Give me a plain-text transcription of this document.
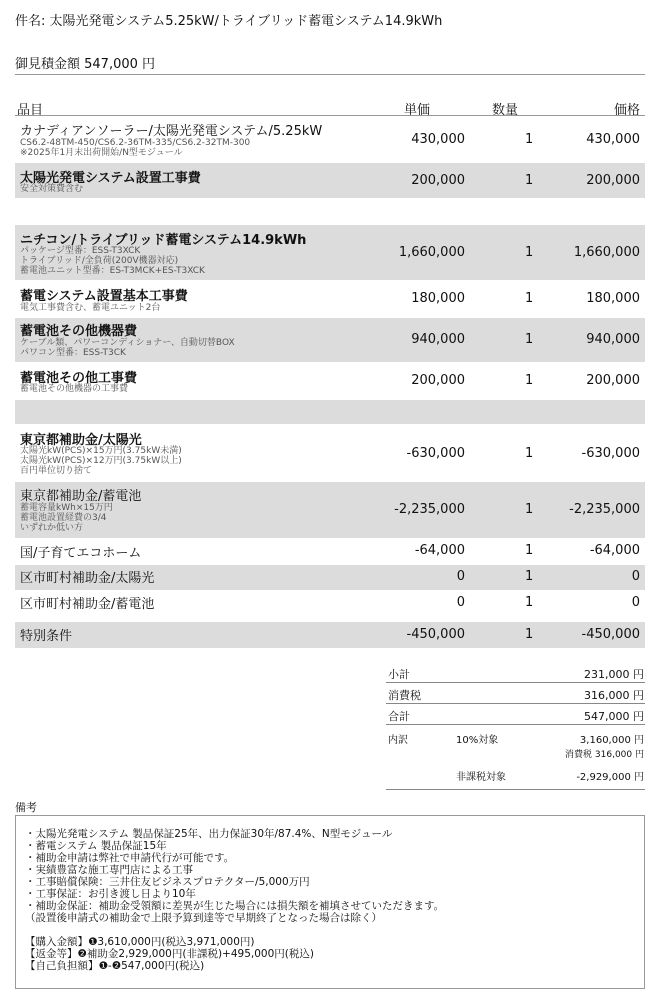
件名: 太陽光発電システム5.25kW/トライブリッド蓄電システム14.9kWh
御見積金額 547,000 円
品目	単価	数量	価格
カナディアンソーラー/太陽光発電システム/5.25kW
CS6.2-48TM-450/CS6.2-36TM-335/CS6.2-32TM-300
※2025年1月末出荷開始/N型モジュール
430,000	1	430,000
太陽光発電システム設置工事費
安全対策費含む
200,000	1	200,000
ニチコン/トライブリッド蓄電システム14.9kWh
パッケージ型番：ESS-T3XCK
トライブリッド/全負荷(200V機器対応)
蓄電池ユニット型番：ES-T3MCK+ES-T3XCK
1,660,000	1	1,660,000
蓄電システム設置基本工事費
電気工事費含む、蓄電ユニット2台
180,000	1	180,000
蓄電池その他機器費
ケーブル類、パワーコンディショナー、自動切替BOX
パワコン型番：ESS-T3CK
940,000	1	940,000
蓄電池その他工事費
蓄電池その他機器の工事費
200,000	1	200,000
東京都補助金/太陽光
太陽光kW(PCS)×15万円(3.75kW未満)
太陽光kW(PCS)×12万円(3.75kW以上)
百円単位切り捨て
-630,000	1	-630,000
東京都補助金/蓄電池
蓄電容量kWh×15万円
蓄電池設置経費の3/4
いずれか低い方
-2,235,000	1	-2,235,000
国/子育てエコホーム	-64,000	1	-64,000
区市町村補助金/太陽光	0	1	0
区市町村補助金/蓄電池	0	1	0
特別条件	-450,000	1	-450,000
小計	231,000 円
消費税	316,000 円
合計	547,000 円
内訳	10%対象	3,160,000 円
消費税 316,000 円
非課税対象	-2,929,000 円
備考
・太陽光発電システム 製品保証25年、出力保証30年/87.4%、N型モジュール
・蓄電システム 製品保証15年
・補助金申請は弊社で申請代行が可能です。
・実績豊富な施工専門店による工事
・工事賠償保険：三井住友ビジネスプロテクター/5,000万円
・工事保証：お引き渡し日より10年
・補助金保証：補助金受領額に差異が生じた場合には損失額を補填させていただきます。
（設置後申請式の補助金で上限予算到達等で早期終了となった場合は除く）
【購入金額】❶3,610,000円(税込3,971,000円)
【返金等】❷補助金2,929,000円(非課税)+495,000円(税込)
【自己負担額】❶-❷547,000円(税込)
